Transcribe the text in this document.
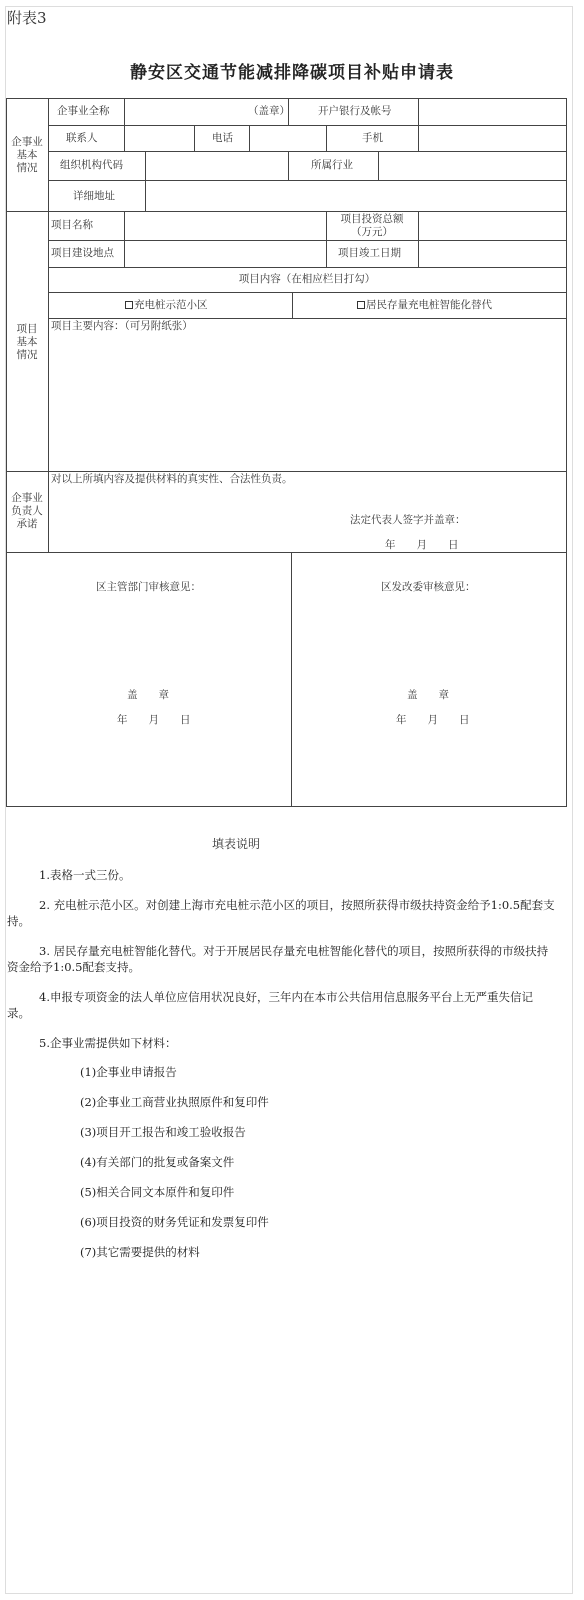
附表3
静安区交通节能减排降碳项目补贴申请表
企事业
基本
情况
企事业全称	（盖章）	开户银行及帐号
联系人	电话	手机
组织机构代码	所属行业
详细地址
项目
基本
情况
项目名称	项目投资总额
（万元）
项目建设地点	项目竣工日期
项目内容（在相应栏目打勾）
充电桩示范小区	居民存量充电桩智能化替代
项目主要内容：（可另附纸张）
企事业
负责人
承诺
对以上所填内容及提供材料的真实性、合法性负责。
法定代表人签字并盖章：
年　　月　　日
区主管部门审核意见：
盖　　章
年　　月　　日
区发改委审核意见：
盖　　章
年　　月　　日
填表说明
1.表格一式三份。
2. 充电桩示范小区。对创建上海市充电桩示范小区的项目，按照所获得市级扶持资金给予1:0.5配套支持。
3. 居民存量充电桩智能化替代。对于开展居民存量充电桩智能化替代的项目，按照所获得的市级扶持资金给予1:0.5配套支持。
4.申报专项资金的法人单位应信用状况良好，三年内在本市公共信用信息服务平台上无严重失信记录。
5.企事业需提供如下材料：
(1)企事业申请报告
(2)企事业工商营业执照原件和复印件
(3)项目开工报告和竣工验收报告
(4)有关部门的批复或备案文件
(5)相关合同文本原件和复印件
(6)项目投资的财务凭证和发票复印件
(7)其它需要提供的材料
